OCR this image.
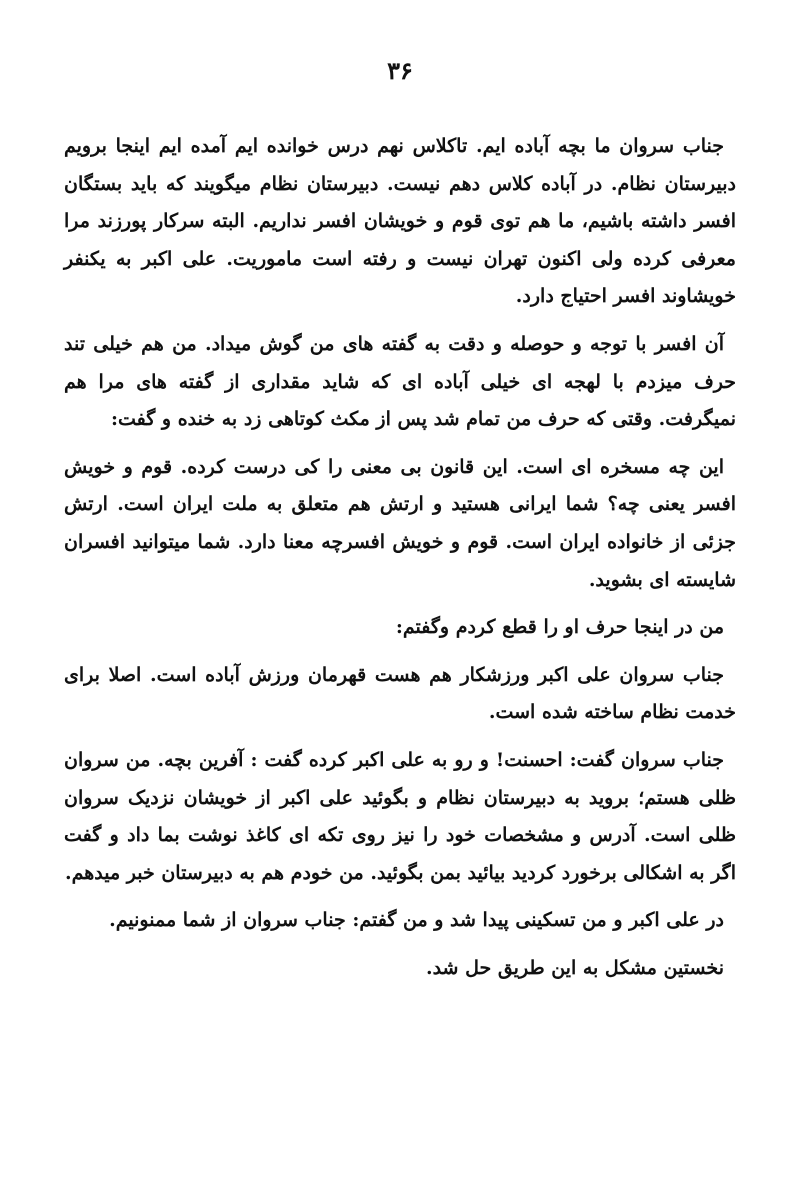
۳۶

جناب سروان ما بچه آباده ایم. تاکلاس نهم درس خوانده ایم آمده ایم اینجا برویم دبیرستان نظام. در آباده کلاس دهم نیست. دبیرستان نظام میگویند که باید بستگان افسر داشته باشیم، ما هم توی قوم و خویشان افسر نداریم. البته سرکار پورزند مرا معرفی کرده ولی اکنون تهران نیست و رفته است ماموریت. علی اکبر به یکنفر خویشاوند افسر احتیاج دارد.

آن افسر با توجه و حوصله و دقت به گفته های من گوش میداد. من هم خیلی تند حرف میزدم با لهجه ای خیلی آباده ای که شاید مقداری از گفته های مرا هم نمیگرفت. وقتی که حرف من تمام شد پس از مکث کوتاهی زد به خنده و گفت:

این چه مسخره ای است. این قانون بی معنی را کی درست کرده. قوم و خویش افسر یعنی چه؟ شما ایرانی هستید و ارتش هم متعلق به ملت ایران است. ارتش جزئی از خانواده ایران است. قوم و خویش افسرچه معنا دارد. شما میتوانید افسران شایسته ای بشوید.

من در اینجا حرف او را قطع کردم وگفتم:

جناب سروان علی اکبر ورزشکار هم هست قهرمان ورزش آباده است. اصلا برای خدمت نظام ساخته شده است.

جناب سروان گفت: احسنت! و رو به علی اکبر کرده گفت : آفرین بچه. من سروان ظلی هستم؛ بروید به دبیرستان نظام و بگوئید علی اکبر از خویشان نزدیک سروان ظلی است. آدرس و مشخصات خود را نیز روی تکه ای کاغذ نوشت بما داد و گفت اگر به اشکالی برخورد کردید بیائید بمن بگوئید. من خودم هم به دبیرستان خبر میدهم.

در علی اکبر و من تسکینی پیدا شد و من گفتم: جناب سروان از شما ممنونیم.

نخستین مشکل به این طریق حل شد.
